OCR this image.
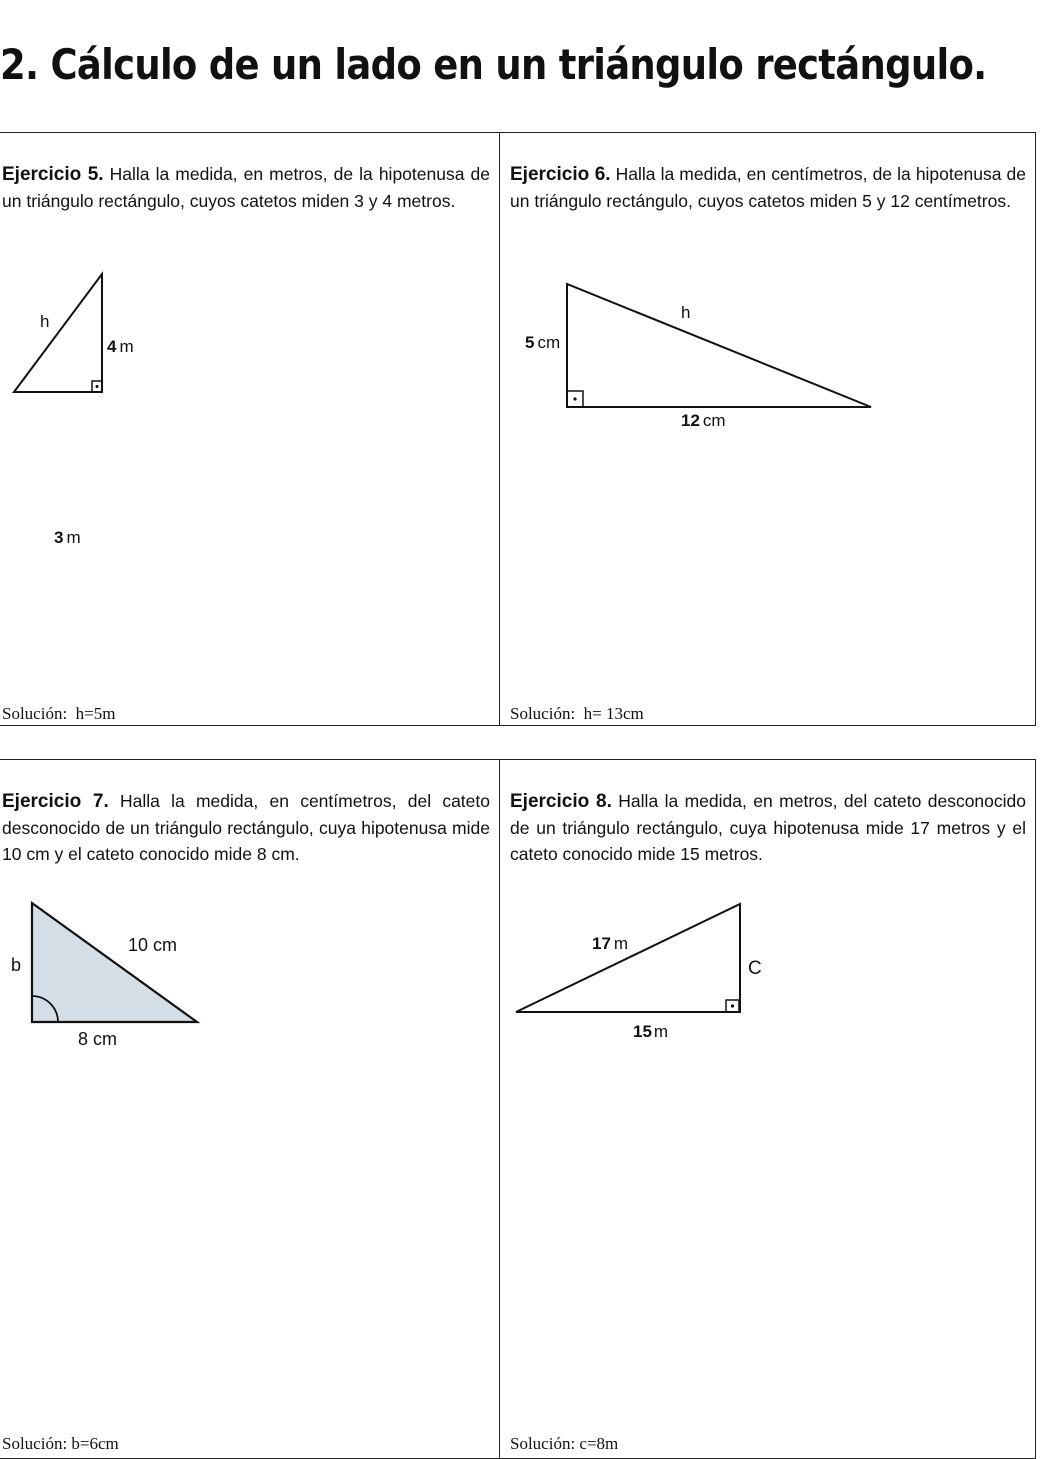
2. Cálculo de un lado en un triángulo rectángulo.

Ejercicio 5. Halla la medida, en metros, de la hipotenusa de un triángulo rectángulo, cuyos catetos miden 3 y 4 metros.

h
4 m
3 m
Solución:  h=5m

Ejercicio 6. Halla la medida, en centímetros, de la hipotenusa de un triángulo rectángulo, cuyos catetos miden 5 y 12 centímetros.

h
5 cm
12 cm
Solución:  h= 13cm

Ejercicio 7. Halla la medida, en centímetros, del cateto desconocido de un triángulo rectángulo, cuya hipotenusa mide 10 cm y el cateto conocido mide 8 cm.

10 cm
b
8 cm
Solución: b=6cm

Ejercicio 8. Halla la medida, en metros, del cateto desconocido de un triángulo rectángulo, cuya hipotenusa mide 17 metros y el cateto conocido mide 15 metros.

17 m
C
15 m
Solución: c=8m
